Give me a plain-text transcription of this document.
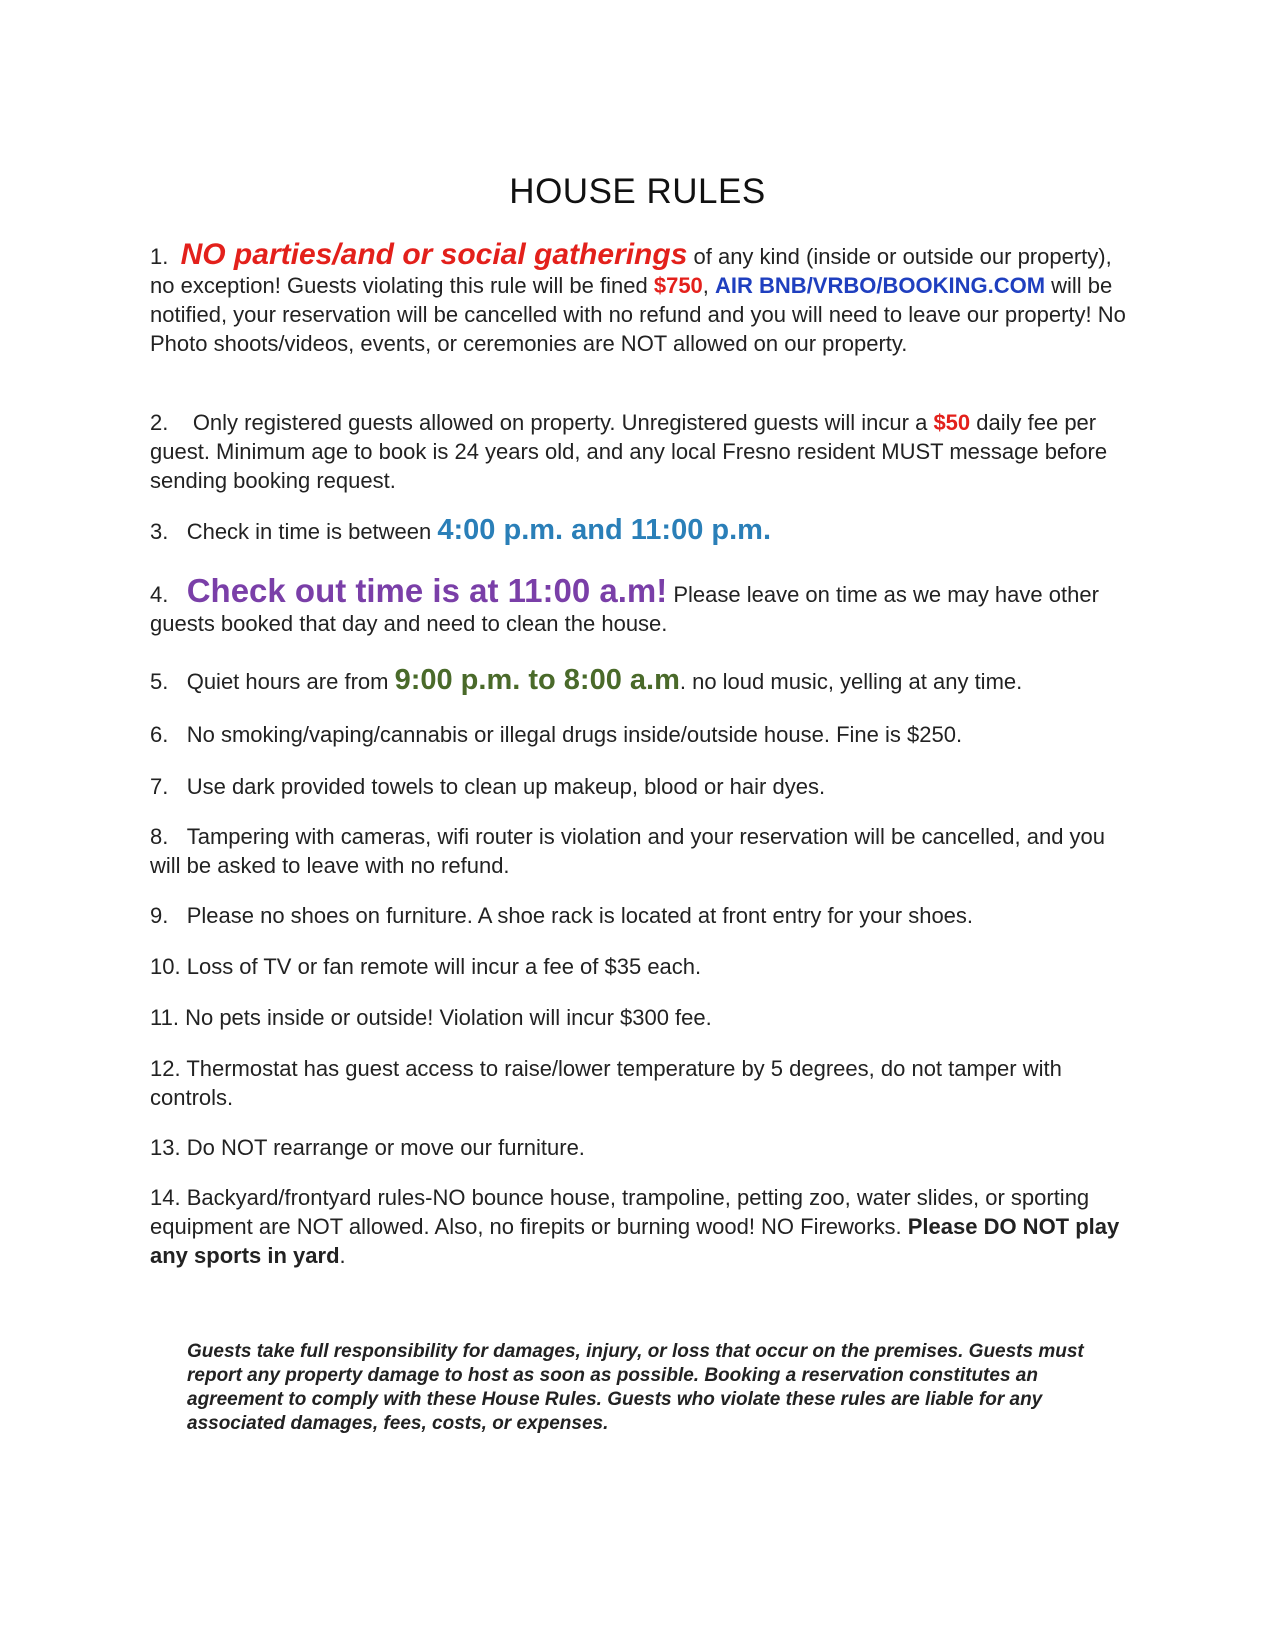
HOUSE RULES
1. NO parties/and or social gatherings of any kind (inside or outside our property), no exception! Guests violating this rule will be fined $750, AIR BNB/VRBO/BOOKING.COM will be notified, your reservation will be cancelled with no refund and you will need to leave our property! No Photo shoots/videos, events, or ceremonies are NOT allowed on our property.
2. Only registered guests allowed on property. Unregistered guests will incur a $50 daily fee per guest. Minimum age to book is 24 years old, and any local Fresno resident MUST message before sending booking request.
3. Check in time is between 4:00 p.m. and 11:00 p.m.
4. Check out time is at 11:00 a.m! Please leave on time as we may have other guests booked that day and need to clean the house.
5. Quiet hours are from 9:00 p.m. to 8:00 a.m. no loud music, yelling at any time.
6. No smoking/vaping/cannabis or illegal drugs inside/outside house. Fine is $250.
7. Use dark provided towels to clean up makeup, blood or hair dyes.
8. Tampering with cameras, wifi router is violation and your reservation will be cancelled, and you will be asked to leave with no refund.
9. Please no shoes on furniture. A shoe rack is located at front entry for your shoes.
10. Loss of TV or fan remote will incur a fee of $35 each.
11. No pets inside or outside! Violation will incur $300 fee.
12. Thermostat has guest access to raise/lower temperature by 5 degrees, do not tamper with controls.
13. Do NOT rearrange or move our furniture.
14. Backyard/frontyard rules-NO bounce house, trampoline, petting zoo, water slides, or sporting equipment are NOT allowed. Also, no firepits or burning wood! NO Fireworks. Please DO NOT play any sports in yard.
Guests take full responsibility for damages, injury, or loss that occur on the premises. Guests must report any property damage to host as soon as possible. Booking a reservation constitutes an agreement to comply with these House Rules. Guests who violate these rules are liable for any associated damages, fees, costs, or expenses.
